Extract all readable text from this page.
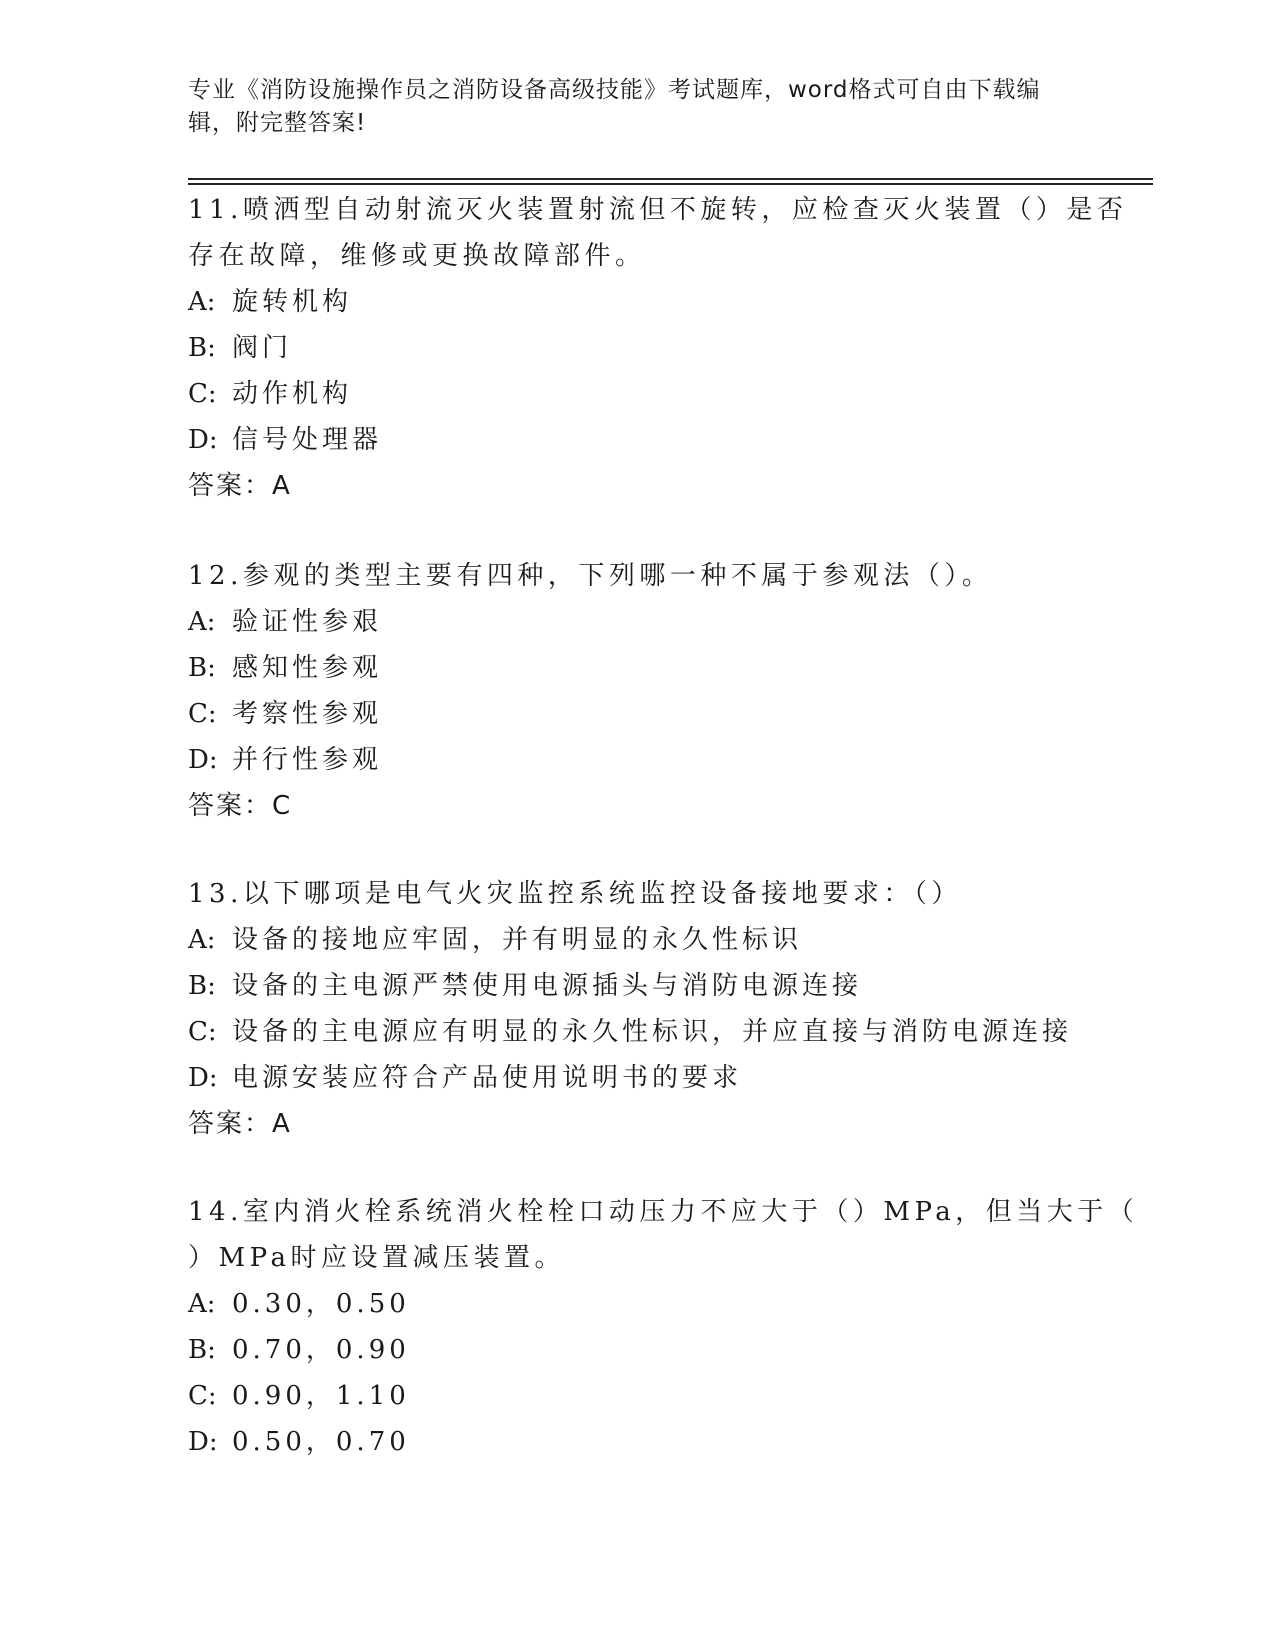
专业《消防设施操作员之消防设备高级技能》考试题库，word格式可自由下载编
辑，附完整答案!
11.喷洒型自动射流灭火装置射流但不旋转，应检查灭火装置（）是否
存在故障，维修或更换故障部件。
A: 旋转机构
B: 阀门
C: 动作机构
D: 信号处理器
答案：A
12.参观的类型主要有四种，下列哪一种不属于参观法（）。
A: 验证性参艰
B: 感知性参观
C: 考察性参观
D: 并行性参观
答案：C
13.以下哪项是电气火灾监控系统监控设备接地要求：（）
A: 设备的接地应牢固，并有明显的永久性标识
B: 设备的主电源严禁使用电源插头与消防电源连接
C: 设备的主电源应有明显的永久性标识，并应直接与消防电源连接
D: 电源安装应符合产品使用说明书的要求
答案：A
14.室内消火栓系统消火栓栓口动压力不应大于（）MPa，但当大于（
）MPa时应设置减压装置。
A: 0.30，0.50
B: 0.70，0.90
C: 0.90，1.10
D: 0.50，0.70
